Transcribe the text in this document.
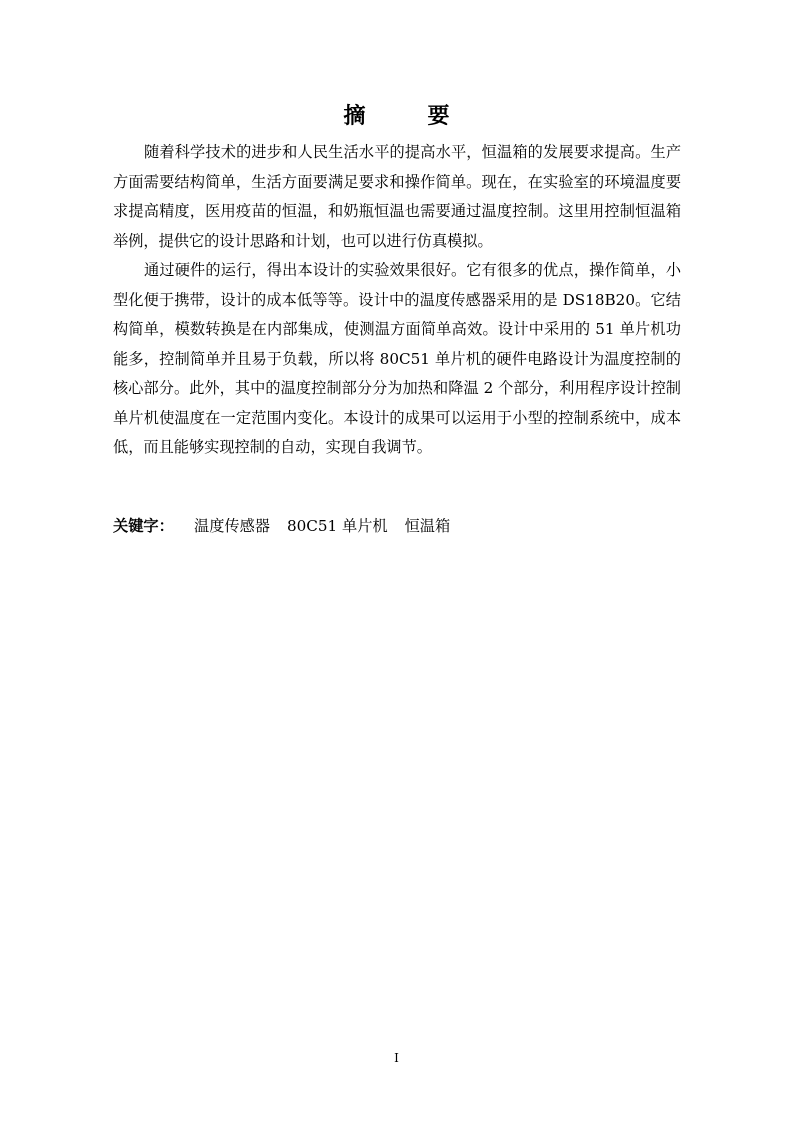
摘　要
随着科学技术的进步和人民生活水平的提高水平，恒温箱的发展要求提高。生产
方面需要结构简单，生活方面要满足要求和操作简单。现在，在实验室的环境温度要
求提高精度，医用疫苗的恒温，和奶瓶恒温也需要通过温度控制。这里用控制恒温箱
举例，提供它的设计思路和计划，也可以进行仿真模拟。
通过硬件的运行，得出本设计的实验效果很好。它有很多的优点，操作简单，小
型化便于携带，设计的成本低等等。设计中的温度传感器采用的是 DS18B20。它结
构简单，模数转换是在内部集成，使测温方面简单高效。设计中采用的 51 单片机功
能多，控制简单并且易于负载，所以将 80C51 单片机的硬件电路设计为温度控制的
核心部分。此外，其中的温度控制部分分为加热和降温 2 个部分，利用程序设计控制
单片机使温度在一定范围内变化。本设计的成果可以运用于小型的控制系统中，成本
低，而且能够实现控制的自动，实现自我调节。
关键字： 温度传感器 80C51 单片机 恒温箱
I
